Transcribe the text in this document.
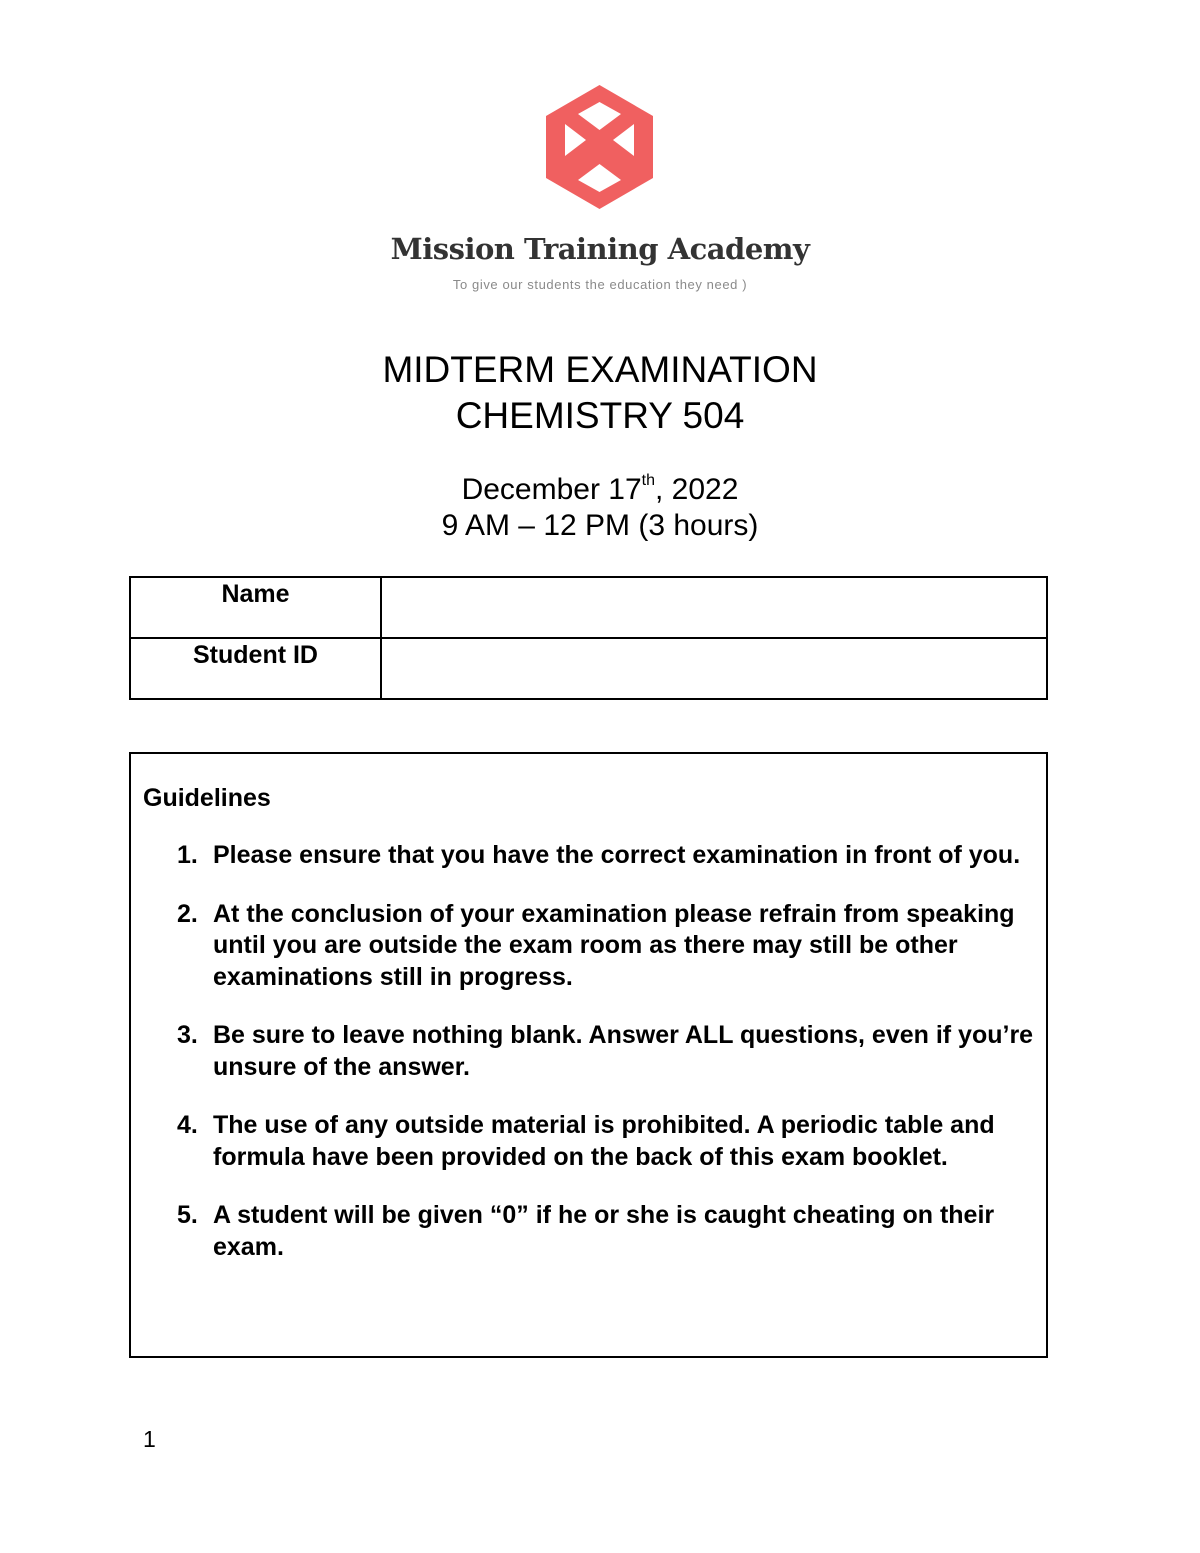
Mission Training Academy
To give our students the education they need )
MIDTERM EXAMINATION
CHEMISTRY 504
December 17th, 2022
9 AM – 12 PM (3 hours)
Name	
Student ID	
Guidelines
1. Please ensure that you have the correct examination in front of you.
2. At the conclusion of your examination please refrain from speaking until you are outside the exam room as there may still be other examinations still in progress.
3. Be sure to leave nothing blank. Answer ALL questions, even if you’re unsure of the answer.
4. The use of any outside material is prohibited. A periodic table and formula have been provided on the back of this exam booklet.
5. A student will be given “0” if he or she is caught cheating on their exam.
1
